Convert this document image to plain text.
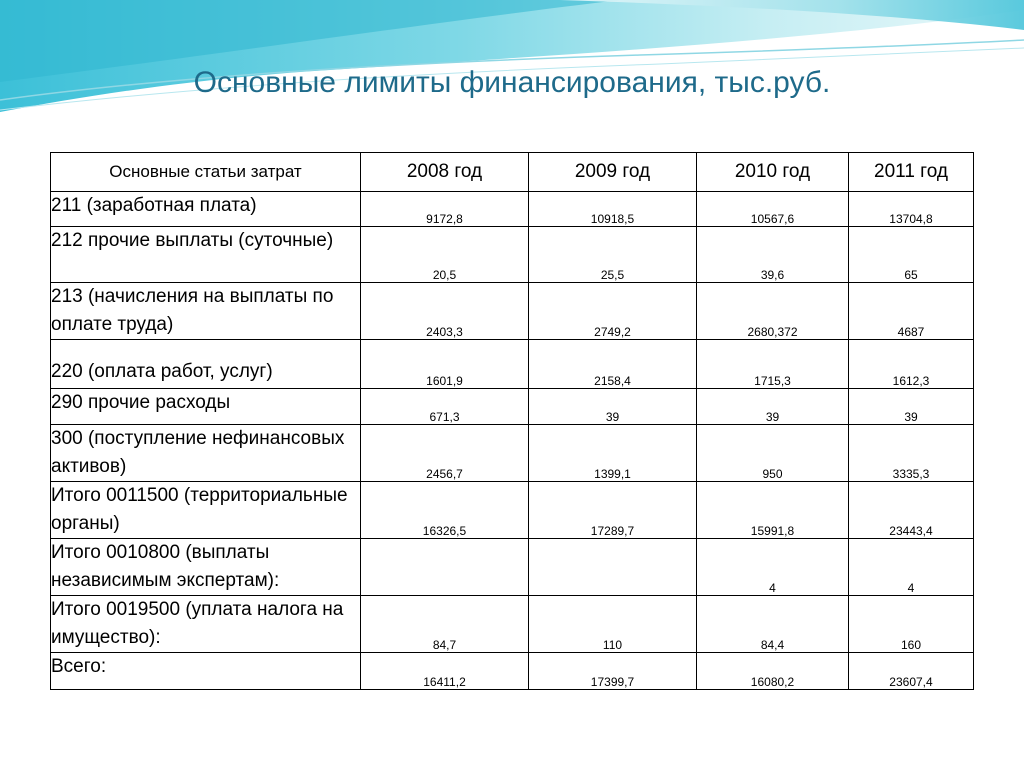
Основные лимиты финансирования, тыс.руб.
Основные статьи затрат	2008 год	2009 год	2010 год	2011 год
211 (заработная плата)	9172,8	10918,5	10567,6	13704,8
212 прочие выплаты (суточные)	20,5	25,5	39,6	65
213 (начисления на выплаты по оплате труда)	2403,3	2749,2	2680,372	4687
220 (оплата работ, услуг)	1601,9	2158,4	1715,3	1612,3
290 прочие расходы	671,3	39	39	39
300 (поступление нефинансовых активов)	2456,7	1399,1	950	3335,3
Итого 0011500 (территориальные органы)	16326,5	17289,7	15991,8	23443,4
Итого 0010800 (выплаты независимым экспертам):			4	4
Итого 0019500 (уплата налога на имущество):	84,7	110	84,4	160
Всего:	16411,2	17399,7	16080,2	23607,4
